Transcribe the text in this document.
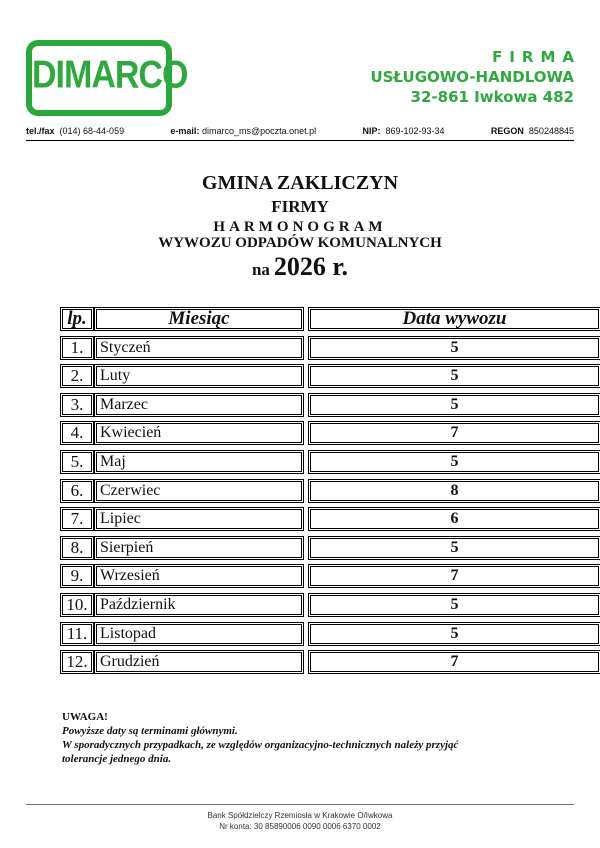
DIMARCO	FIRMA
USŁUGOWO-HANDLOWA
32-861 Iwkowa 482
tel./fax (014) 68-44-059	e-mail: dimarco_ms@poczta.onet.pl	NIP: 869-102-93-34	REGON 850248845
GMINA ZAKLICZYN
FIRMY
HARMONOGRAM
WYWOZU ODPADÓW KOMUNALNYCH
na 2026 r.
lp.	Miesiąc	Data wywozu
1.	Styczeń	5
2.	Luty	5
3.	Marzec	5
4.	Kwiecień	7
5.	Maj	5
6.	Czerwiec	8
7.	Lipiec	6
8.	Sierpień	5
9.	Wrzesień	7
10. Październik	5
11. Listopad	5
12. Grudzień	7
UWAGA!
Powyższe daty są terminami głównymi.
W sporadycznych przypadkach, ze względów organizacyjno-technicznych należy przyjąć
tolerancje jednego dnia.
Bank Spółdzielczy Rzemiosła w Krakowie O/Iwkowa
Nr konta: 30 85890006 0090 0006 6370 0002
